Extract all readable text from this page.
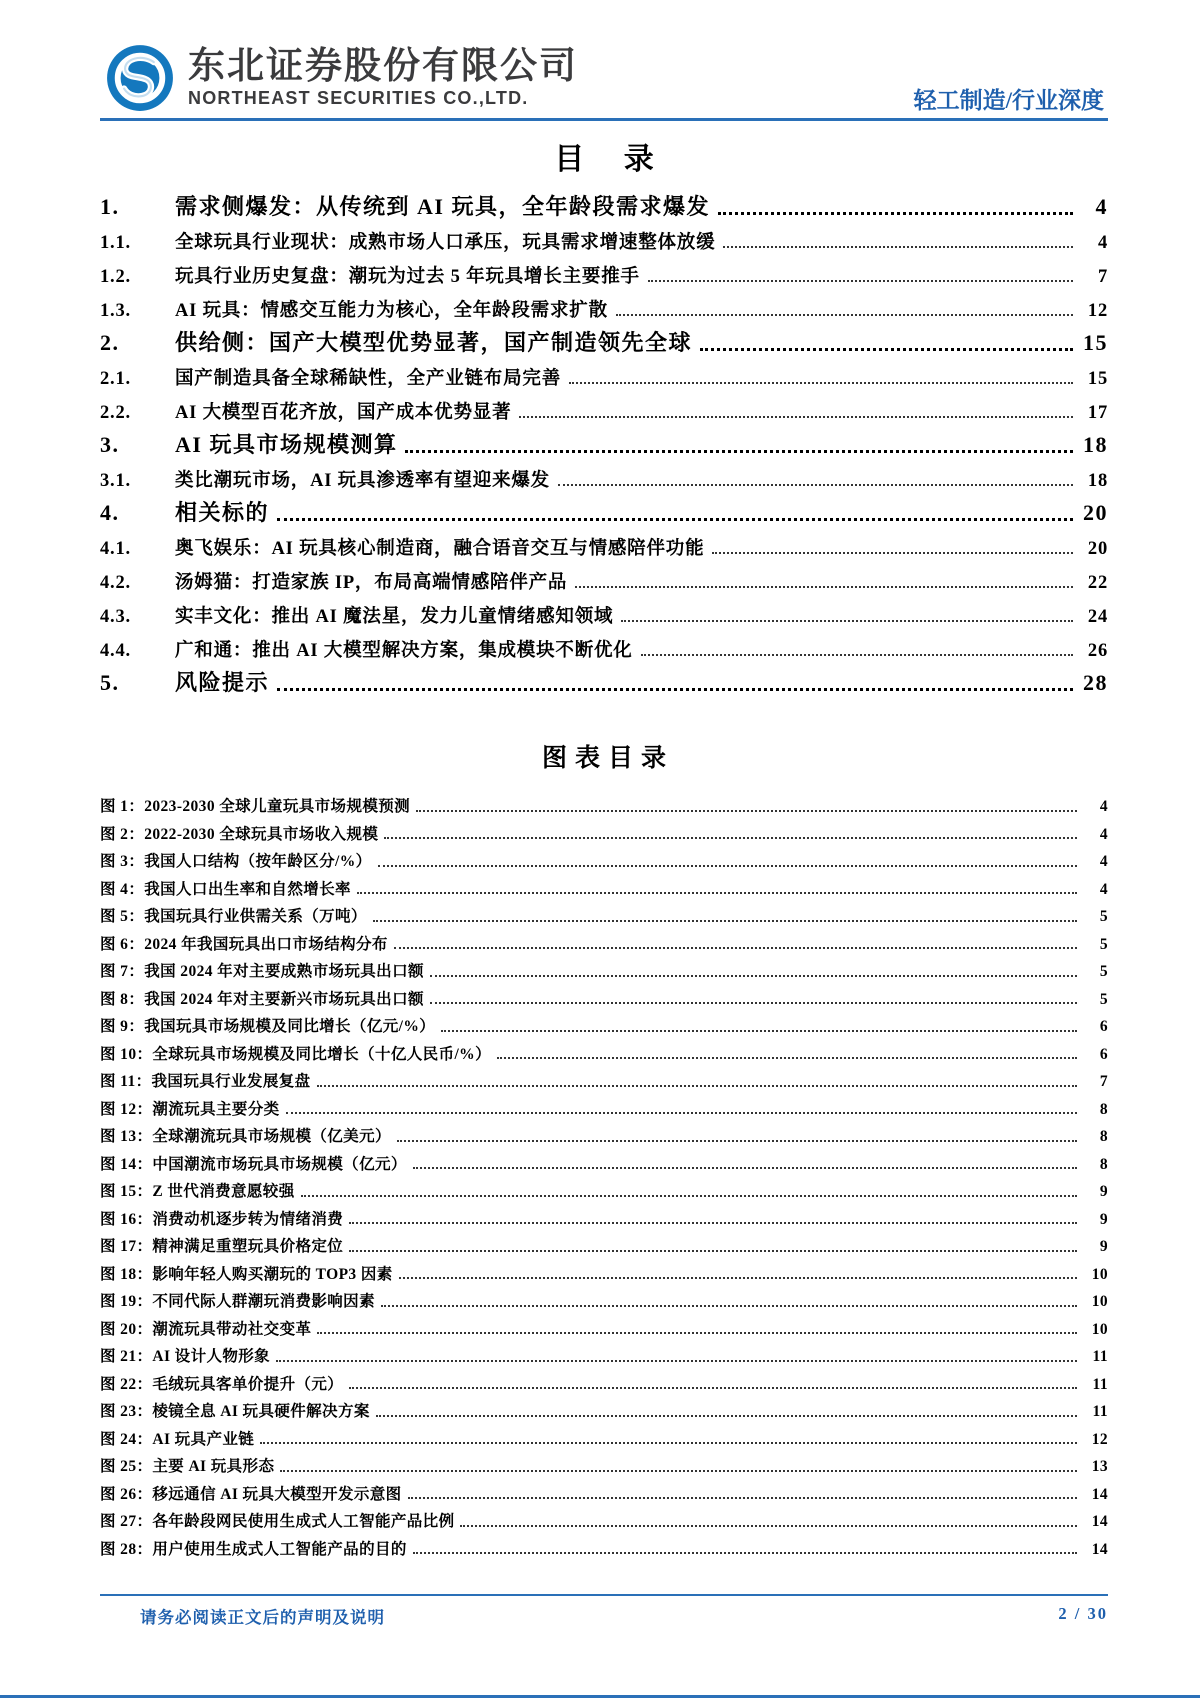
东北证券股份有限公司
NORTHEAST SECURITIES CO.,LTD.	轻工制造/行业深度
目 录
1.	需求侧爆发：从传统到 AI 玩具，全年龄段需求爆发	4
1.1.	全球玩具行业现状：成熟市场人口承压，玩具需求增速整体放缓	4
1.2.	玩具行业历史复盘：潮玩为过去 5 年玩具增长主要推手	7
1.3.	AI 玩具：情感交互能力为核心，全年龄段需求扩散	12
2.	供给侧：国产大模型优势显著，国产制造领先全球	15
2.1.	国产制造具备全球稀缺性，全产业链布局完善	15
2.2.	AI 大模型百花齐放，国产成本优势显著	17
3.	AI 玩具市场规模测算	18
3.1.	类比潮玩市场，AI 玩具渗透率有望迎来爆发	18
4.	相关标的	20
4.1.	奥飞娱乐：AI 玩具核心制造商，融合语音交互与情感陪伴功能	20
4.2.	汤姆猫：打造家族 IP，布局高端情感陪伴产品	22
4.3.	实丰文化：推出 AI 魔法星，发力儿童情绪感知领域	24
4.4.	广和通：推出 AI 大模型解决方案，集成模块不断优化	26
5.	风险提示	28
图表目录
图 1：2023-2030 全球儿童玩具市场规模预测	4
图 2：2022-2030 全球玩具市场收入规模	4
图 3：我国人口结构（按年龄区分/%）	4
图 4：我国人口出生率和自然增长率	4
图 5：我国玩具行业供需关系（万吨）	5
图 6：2024 年我国玩具出口市场结构分布	5
图 7：我国 2024 年对主要成熟市场玩具出口额	5
图 8：我国 2024 年对主要新兴市场玩具出口额	5
图 9：我国玩具市场规模及同比增长（亿元/%）	6
图 10：全球玩具市场规模及同比增长（十亿人民币/%）	6
图 11：我国玩具行业发展复盘	7
图 12：潮流玩具主要分类	8
图 13：全球潮流玩具市场规模（亿美元）	8
图 14：中国潮流市场玩具市场规模（亿元）	8
图 15：Z 世代消费意愿较强	9
图 16：消费动机逐步转为情绪消费	9
图 17：精神满足重塑玩具价格定位	9
图 18：影响年轻人购买潮玩的 TOP3 因素	10
图 19：不同代际人群潮玩消费影响因素	10
图 20：潮流玩具带动社交变革	10
图 21：AI 设计人物形象	11
图 22：毛绒玩具客单价提升（元）	11
图 23：棱镜全息 AI 玩具硬件解决方案	11
图 24：AI 玩具产业链	12
图 25：主要 AI 玩具形态	13
图 26：移远通信 AI 玩具大模型开发示意图	14
图 27：各年龄段网民使用生成式人工智能产品比例	14
图 28：用户使用生成式人工智能产品的目的	14
请务必阅读正文后的声明及说明	2 / 30
